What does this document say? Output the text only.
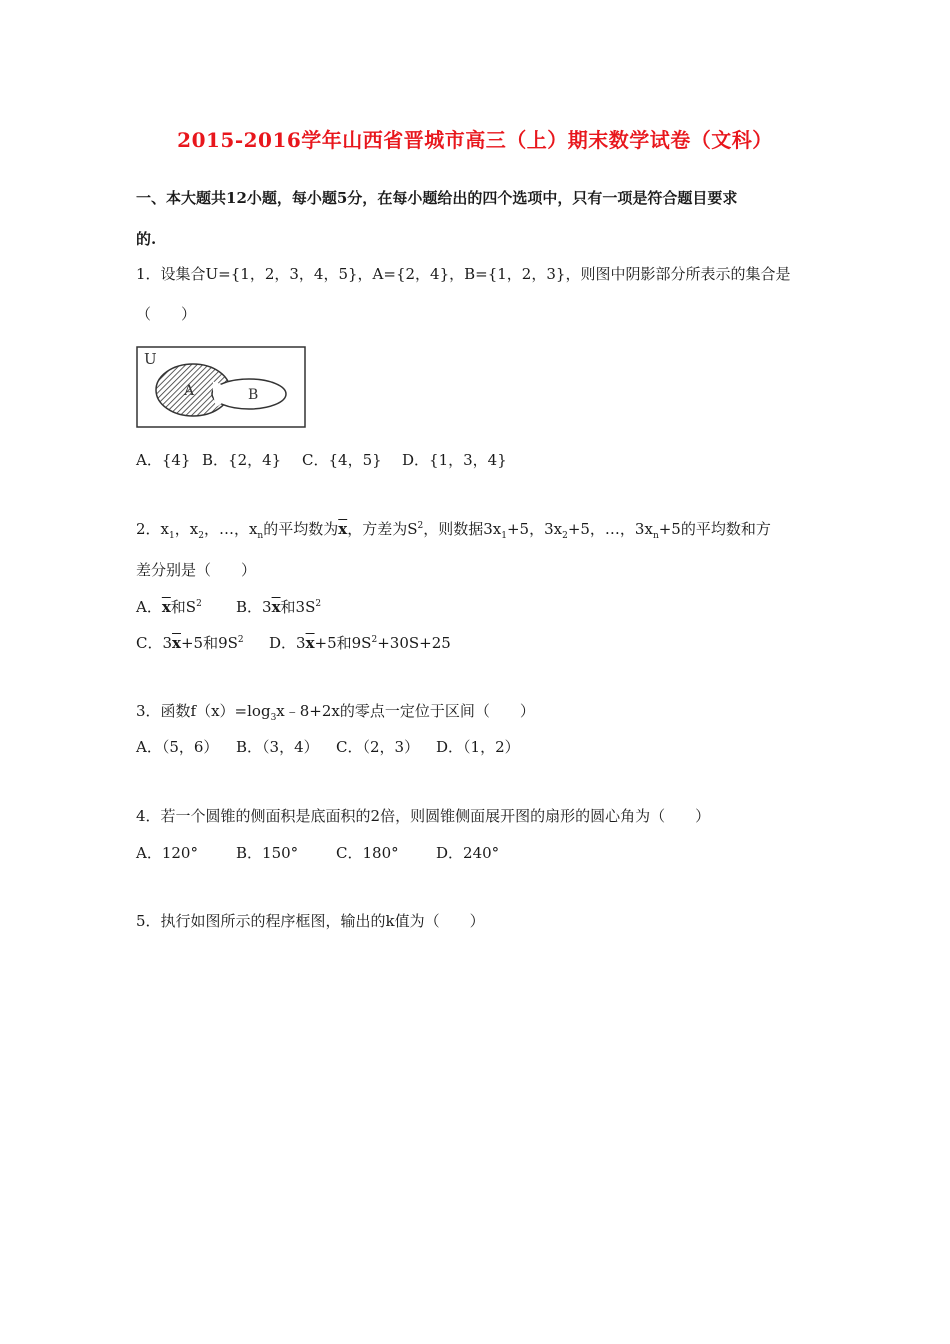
2015-2016学年山西省晋城市高三（上）期末数学试卷（文科）
一、本大题共12小题，每小题5分，在每小题给出的四个选项中，只有一项是符合题目要求
的.
1．设集合U={1，2，3，4，5}，A={2，4}，B={1，2，3}，则图中阴影部分所表示的集合是
（　　）
U
A	B
A．{4} B．{2，4} C．{4，5} D．{1，3，4}
2．$x_1$，$x_2$，…，$x_n$的平均数为$\overline{x}$，方差为$S^2$，则数据$3x_1+5$，$3x_2+5$，…，$3x_n+5$的平均数和方
差分别是（　　）
A．$\overline{x}$和$S^2$ B．$3\overline{x}$和$3S^2$
C．$3\overline{x}+5$和$9S^2$ D．$3\overline{x}+5$和$9S^2+30S+25$
3．函数$f(x)=\log_3x﹣8+2x$的零点一定位于区间（　　）
A．（5，6） B．（3，4） C．（2，3） D．（1，2）
4．若一个圆锥的侧面积是底面积的2倍，则圆锥侧面展开图的扇形的圆心角为（　　）
A．120°	B．150°	C．180° D．240°
5．执行如图所示的程序框图，输出的k值为（　　）
